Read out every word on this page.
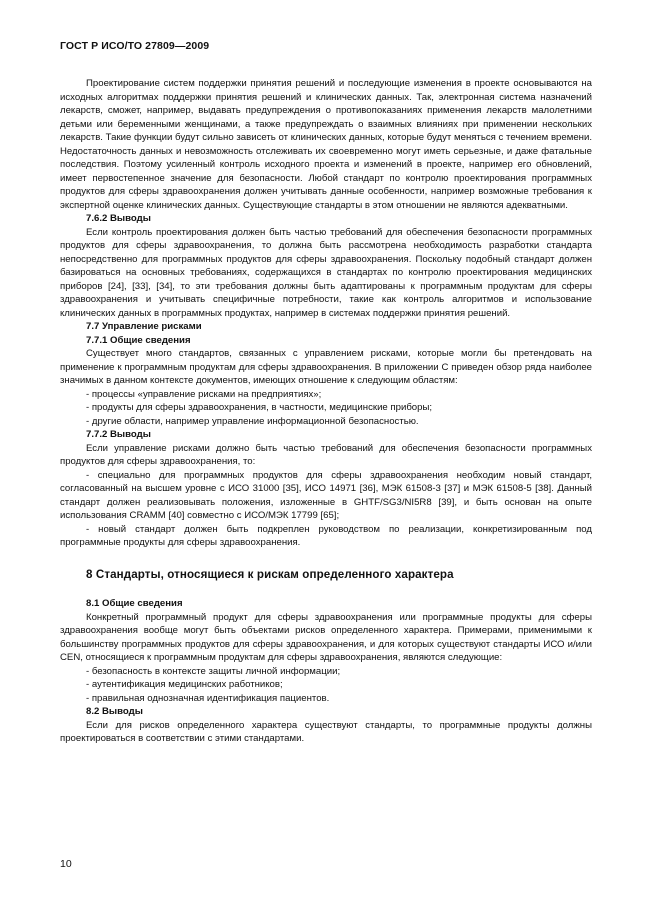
ГОСТ Р ИСО/ТО 27809—2009

Проектирование систем поддержки принятия решений и последующие изменения в проекте основываются на исходных алгоритмах поддержки принятия решений и клинических данных. Так, электронная система назначений лекарств, сможет, например, выдавать предупреждения о противопоказаниях применения лекарств малолетними детьми или беременными женщинами, а также предупреждать о взаимных влияниях при применении нескольких лекарств. Такие функции будут сильно зависеть от клинических данных, которые будут меняться с течением времени. Недостаточность данных и невозможность отслеживать их своевременно могут иметь серьезные, и даже фатальные последствия. Поэтому усиленный контроль исходного проекта и изменений в проекте, например его обновлений, имеет первостепенное значение для безопасности. Любой стандарт по контролю проектирования программных продуктов для сферы здравоохранения должен учитывать данные особенности, например возможные требования к экспертной оценке клинических данных. Существующие стандарты в этом отношении не являются адекватными.

7.6.2 Выводы

Если контроль проектирования должен быть частью требований для обеспечения безопасности программных продуктов для сферы здравоохранения, то должна быть рассмотрена необходимость разработки стандарта непосредственно для программных продуктов для сферы здравоохранения. Поскольку подобный стандарт должен базироваться на основных требованиях, содержащихся в стандартах по контролю проектирования медицинских приборов [24], [33], [34], то эти требования должны быть адаптированы к программным продуктам для сферы здравоохранения и учитывать специфичные потребности, такие как контроль алгоритмов и использование клинических данных в программных продуктах, например в системах поддержки принятия решений.

7.7 Управление рисками

7.7.1 Общие сведения

Существует много стандартов, связанных с управлением рисками, которые могли бы претендовать на применение к программным продуктам для сферы здравоохранения. В приложении С приведен обзор ряда наиболее значимых в данном контексте документов, имеющих отношение к следующим областям:

- процессы «управление рисками на предприятиях»;

- продукты для сферы здравоохранения, в частности, медицинские приборы;

- другие области, например управление информационной безопасностью.

7.7.2 Выводы

Если управление рисками должно быть частью требований для обеспечения безопасности программных продуктов для сферы здравоохранения, то:

- специально для программных продуктов для сферы здравоохранения необходим новый стандарт, согласованный на высшем уровне с ИСО 31000 [35], ИСО 14971 [36], МЭК 61508-3 [37] и МЭК 61508-5 [38]. Данный стандарт должен реализовывать положения, изложенные в GHTF/SG3/NI5R8 [39], и быть основан на опыте использования CRAMM [40] совместно с ИСО/МЭК 17799 [65];

- новый стандарт должен быть подкреплен руководством по реализации, конкретизированным под программные продукты для сферы здравоохранения.

8 Стандарты, относящиеся к рискам определенного характера

8.1 Общие сведения

Конкретный программный продукт для сферы здравоохранения или программные продукты для сферы здравоохранения вообще могут быть объектами рисков определенного характера. Примерами, применимыми к большинству программных продуктов для сферы здравоохранения, и для которых существуют стандарты ИСО и/или CEN, относящиеся к программным продуктам для сферы здравоохранения, являются следующие:

- безопасность в контексте защиты личной информации;

- аутентификация медицинских работников;

- правильная однозначная идентификация пациентов.

8.2 Выводы

Если для рисков определенного характера существуют стандарты, то программные продукты должны проектироваться в соответствии с этими стандартами.

10
